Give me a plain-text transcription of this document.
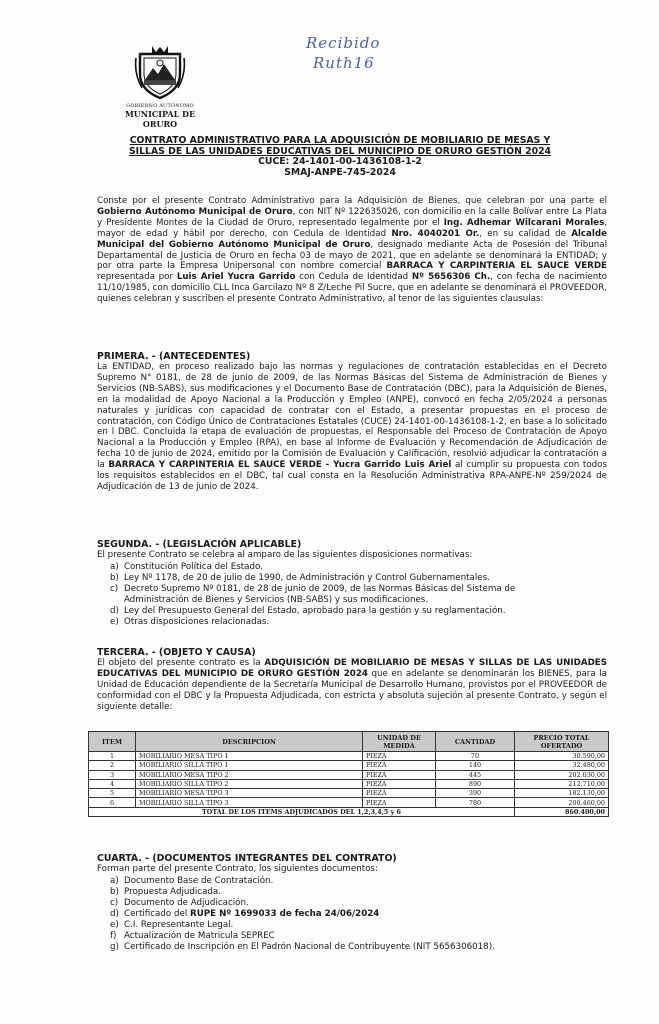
GOBIERNO AUTÓNOMO
MUNICIPAL DE ORURO
Recibido
Ruth16
CONTRATO ADMINISTRATIVO PARA LA ADQUISICIÓN DE MOBILIARIO DE MESAS Y
SILLAS DE LAS UNIDADES EDUCATIVAS DEL MUNICIPIO DE ORURO GESTIÓN 2024
CUCE: 24-1401-00-1436108-1-2
SMAJ-ANPE-745-2024

Conste por el presente Contrato Administrativo para la Adquisición de Bienes, que celebran por una parte el Gobierno Autónomo Municipal de Oruro, con NIT Nº 122635026, con domicilio en la calle Bolívar entre La Plata y Presidente Montes de la Ciudad de Oruro, representado legalmente por el Ing. Adhemar Wilcarani Morales, mayor de edad y hábil por derecho, con Cedula de Identidad Nro. 4040201 Or., en su calidad de Alcalde Municipal del Gobierno Autónomo Municipal de Oruro, designado mediante Acta de Posesión del Tribunal Departamental de Justicia de Oruro en fecha 03 de mayo de 2021, que en adelante se denominará la ENTIDAD; y por otra parte la Empresa Unipersonal con nombre comercial BARRACA Y CARPINTERIA EL SAUCE VERDE representada por Luis Ariel Yucra Garrido con Cedula de Identidad Nº 5656306 Ch., con fecha de nacimiento 11/10/1985, con domicilio CLL Inca Garcilazo Nº 8 Z/Leche Pil Sucre, que en adelante se denominará el PROVEEDOR, quienes celebran y suscriben el presente Contrato Administrativo, al tenor de las siguientes clausulas:

PRIMERA. - (ANTECEDENTES)

La ENTIDAD, en proceso realizado bajo las normas y regulaciones de contratación establecidas en el Decreto Supremo N° 0181, de 28 de junio de 2009, de las Normas Básicas del Sistema de Administración de Bienes y Servicios (NB-SABS), sus modificaciones y el Documento Base de Contratación (DBC), para la Adquisición de Bienes, en la modalidad de Apoyo Nacional a la Producción y Empleo (ANPE), convocó en fecha 2/05/2024 a personas naturales y jurídicas con capacidad de contratar con el Estado, a presentar propuestas en el proceso de contratación, con Código Único de Contrataciones Estatales (CUCE) 24-1401-00-1436108-1-2, en base a lo solicitado en l DBC. Concluida la etapa de evaluación de propuestas, el Responsable del Proceso de Contratación de Apoyo Nacional a la Producción y Empleo (RPA), en base al Informe de Evaluación y Recomendación de Adjudicación de fecha 10 de junio de 2024, emitido por la Comisión de Evaluación y Calificación, resolvió adjudicar la contratación a la BARRACA Y CARPINTERIA EL SAUCE VERDE - Yucra Garrido Luis Ariel al cumplir su propuesta con todos los requisitos establecidos en el DBC, tal cual consta en la Resolución Administrativa RPA-ANPE-Nº 259/2024 de Adjudicación de 13 de junio de 2024.

SEGUNDA. - (LEGISLACIÓN APLICABLE)
El presente Contrato se celebra al amparo de las siguientes disposiciones normativas:
a) Constitución Política del Estado.
b) Ley Nº 1178, de 20 de julio de 1990, de Administración y Control Gubernamentales.
c) Decreto Supremo Nº 0181, de 28 de junio de 2009, de las Normas Básicas del Sistema de
Administración de Bienes y Servicios (NB-SABS) y sus modificaciones.
d) Ley del Presupuesto General del Estado, aprobado para la gestión y su reglamentación.
e) Otras disposiciones relacionadas.
TERCERA. - (OBJETO Y CAUSA)

El objeto del presente contrato es la ADQUISICIÓN DE MOBILIARIO DE MESAS Y SILLAS DE LAS UNIDADES EDUCATIVAS DEL MUNICIPIO DE ORURO GESTIÓN 2024 que en adelante se denominarán los BIENES, para la Unidad de Educación dependiente de la Secretaría Municipal de Desarrollo Humano, provistos por el PROVEEDOR de conformidad con el DBC y la Propuesta Adjudicada, con estricta y absoluta sujeción al presente Contrato, y según el siguiente detalle:

ITEM	DESCRIPCION	UNIDAD DE MEDIDA	CANTIDAD	PRECIO TOTAL OFERTADO
1	MOBILIARIO MESA TIPO 1	PIEZA	70	30.590,00
2	MOBILIARIO SILLA TIPO 1	PIEZA	140	32.480,00
3	MOBILIARIO MESA TIPO 2	PIEZA	445	202.030,00
4	MOBILIARIO SILLA TIPO 2	PIEZA	890	212.710,00
5	MOBILIARIO MESA TIPO 3	PIEZA	390	182.130,00
6	MOBILIARIO SILLA TIPO 3	PIEZA	780	200.460,00
TOTAL DE LOS ITEMS ADJUDICADOS DEL 1,2,3,4,5 y 6				860.400,00
CUARTA. - (DOCUMENTOS INTEGRANTES DEL CONTRATO)
Forman parte del presente Contrato, los siguientes documentos:
a) Documento Base de Contratación.
b) Propuesta Adjudicada.
c) Documento de Adjudicación.
d) Certificado del RUPE Nº 1699033 de fecha 24/06/2024
e) C.I. Representante Legal.
f) Actualización de Matricula SEPREC
g) Certificado de Inscripción en El Padrón Nacional de Contribuyente (NIT 5656306018).
